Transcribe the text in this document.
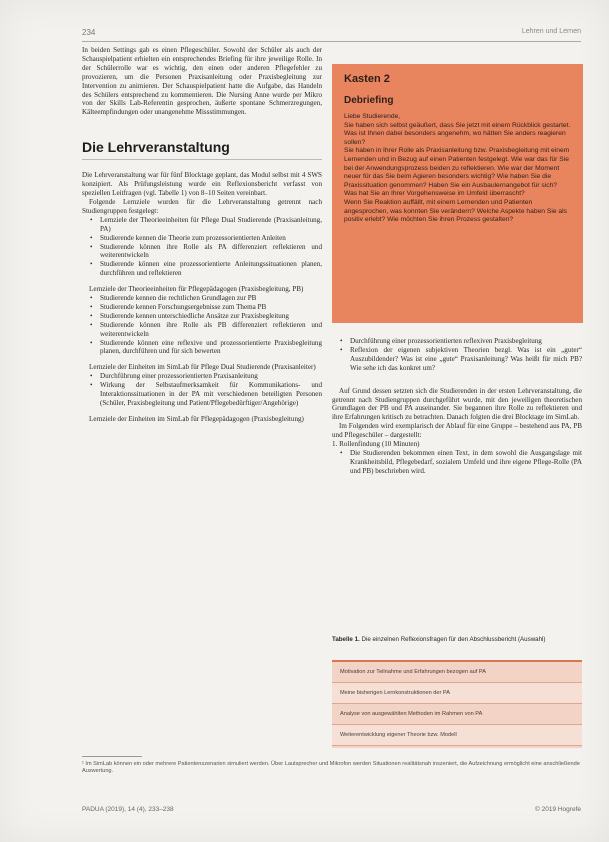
234	Lehren und Lernen

In beiden Settings gab es einen Pflegeschüler. Sowohl der Schüler als auch der Schauspielpatient erhielten ein entsprechendes Briefing für ihre jeweilige Rolle. In der Schülerrolle war es wichtig, den einen oder anderen Pflegefehler zu provozieren, um die Personen Praxisanleitung oder Praxisbegleitung zur Intervention zu animieren. Der Schauspielpatient hatte die Aufgabe, das Handeln des Schülers entsprechend zu kommentieren. Die Nursing Anne wurde per Mikro von der Skills Lab-Referentin gesprochen, äußerte spontane Schmerzregungen, Kälteempfindungen oder unangenehme Missstimmungen.

Die Lehrveranstaltung

Die Lehrveranstaltung war für fünf Blocktage geplant, das Modul selbst mit 4 SWS konzipiert. Als Prüfungsleistung wurde ein Reflexionsbericht verfasst von speziellen Leitfragen (vgl. Tabelle 1) von 8–10 Seiten vereinbart.

Folgende Lernziele wurden für die Lehrveranstaltung getrennt nach Studiengruppen festgelegt:

• Lernziele der Theorieeinheiten für Pflege Dual Studierende (Praxisanleitung, PA)
• Studierende kennen die Theorie zum prozessorientierten Anleiten
• Studierende können ihre Rolle als PA differenziert reflektieren und weiterentwickeln
• Studierende können eine prozessorientierte Anleitungssituationen planen, durchführen und reflektieren

Lernziele der Theorieeinheiten für Pflegepädagogen (Praxisbegleitung, PB)

• Studierende kennen die rechtlichen Grundlagen zur PB
• Studierende kennen Forschungsergebnisse zum Thema PB
• Studierende kennen unterschiedliche Ansätze zur Praxisbegleitung
• Studierende können ihre Rolle als PB differenziert reflektieren und weiterentwickeln
• Studierende können eine reflexive und prozessorientierte Praxisbegleitung planen, durchführen und für sich bewerten

Lernziele der Einheiten im SimLab für Pflege Dual Studierende (Praxisanleiter)

• Durchführung einer prozessorientierten Praxisanleitung
• Wirkung der Selbstaufmerksamkeit für Kommunikations- und Interaktionssituationen in der PA mit verschiedenen beteiligten Personen (Schüler, Praxisbegleitung und Patient/Pflegebedürftiger/Angehörige)

Lernziele der Einheiten im SimLab für Pflegepädagogen (Praxisbegleitung)

Kasten 2
Debriefing

Liebe Studierende,

Sie haben sich selbst geäußert, dass Sie jetzt mit einem Rückblick gestartet. Was ist Ihnen dabei besonders angenehm, wo hätten Sie anders reagieren sollen?

Sie haben in Ihrer Rolle als Praxisanleitung bzw. Praxisbegleitung mit einem Lernenden und in Bezug auf einen Patienten festgelegt. Wie war das für Sie bei der Anwendungsprozess beiden zu reflektieren. Wie war der Moment neuer für das Sie beim Agieren besonders wichtig? Wie haben Sie die Praxissituation genommen? Haben Sie ein Ausbaulernangebot für sich? Was hat Sie an Ihrer Vorgehensweise im Umfeld überrascht?

Wenn Sie Reaktion auffällt, mit einem Lernenden und Patienten angesprochen, was konnten Sie verändern? Welche Aspekte haben Sie als positiv erlebt? Wie möchten Sie ihren Prozess gestalten?

• Durchführung einer prozessorientierten reflexiven Praxisbegleitung
• Reflexion der eigenen subjektiven Theorien bezgl. Was ist ein „guter“ Auszubildender? Was ist eine „gute“ Praxisanleitung? Was heißt für mich PB? Wie sehe ich das konkret um?

Auf Grund dessen setzten sich die Studierenden in der ersten Lehrveranstaltung, die getrennt nach Studiengruppen durchgeführt wurde, mit den jeweiligen theoretischen Grundlagen der PB und PA auseinander. Sie begannen ihre Rolle zu reflektieren und ihre Erfahrungen kritisch zu betrachten. Danach folgten die drei Blocktage im SimLab.

Im Folgenden wird exemplarisch der Ablauf für eine Gruppe – bestehend aus PA, PB und Pflegeschüler – dargestellt:

1. Rollenfindung (10 Minuten)

• Die Studierenden bekommen einen Text, in dem sowohl die Ausgangslage mit Krankheitsbild, Pflegebedarf, sozialem Umfeld und ihre eigene Pflege-Rolle (PA und PB) beschrieben wird.
Tabelle 1. Die einzelnen Reflexionsfragen für den Abschlussbericht (Auswahl)
Motivation zur Teilnahme und Erfahrungen bezogen auf PA
Meine bisherigen Lernkonstruktionen der PA
Analyse von ausgewählten Methoden im Rahmen von PA
Weiterentwicklung eigener Theorie bzw. Modell
¹ Im SimLab können ein oder mehrere Patientenszenarien simuliert werden. Über Lautsprecher und Mikrofon werden Situationen realitätsnah inszeniert, die Aufzeichnung ermöglicht eine anschließende Auswertung.
PADUA (2019), 14 (4), 233–238	© 2019 Hogrefe
